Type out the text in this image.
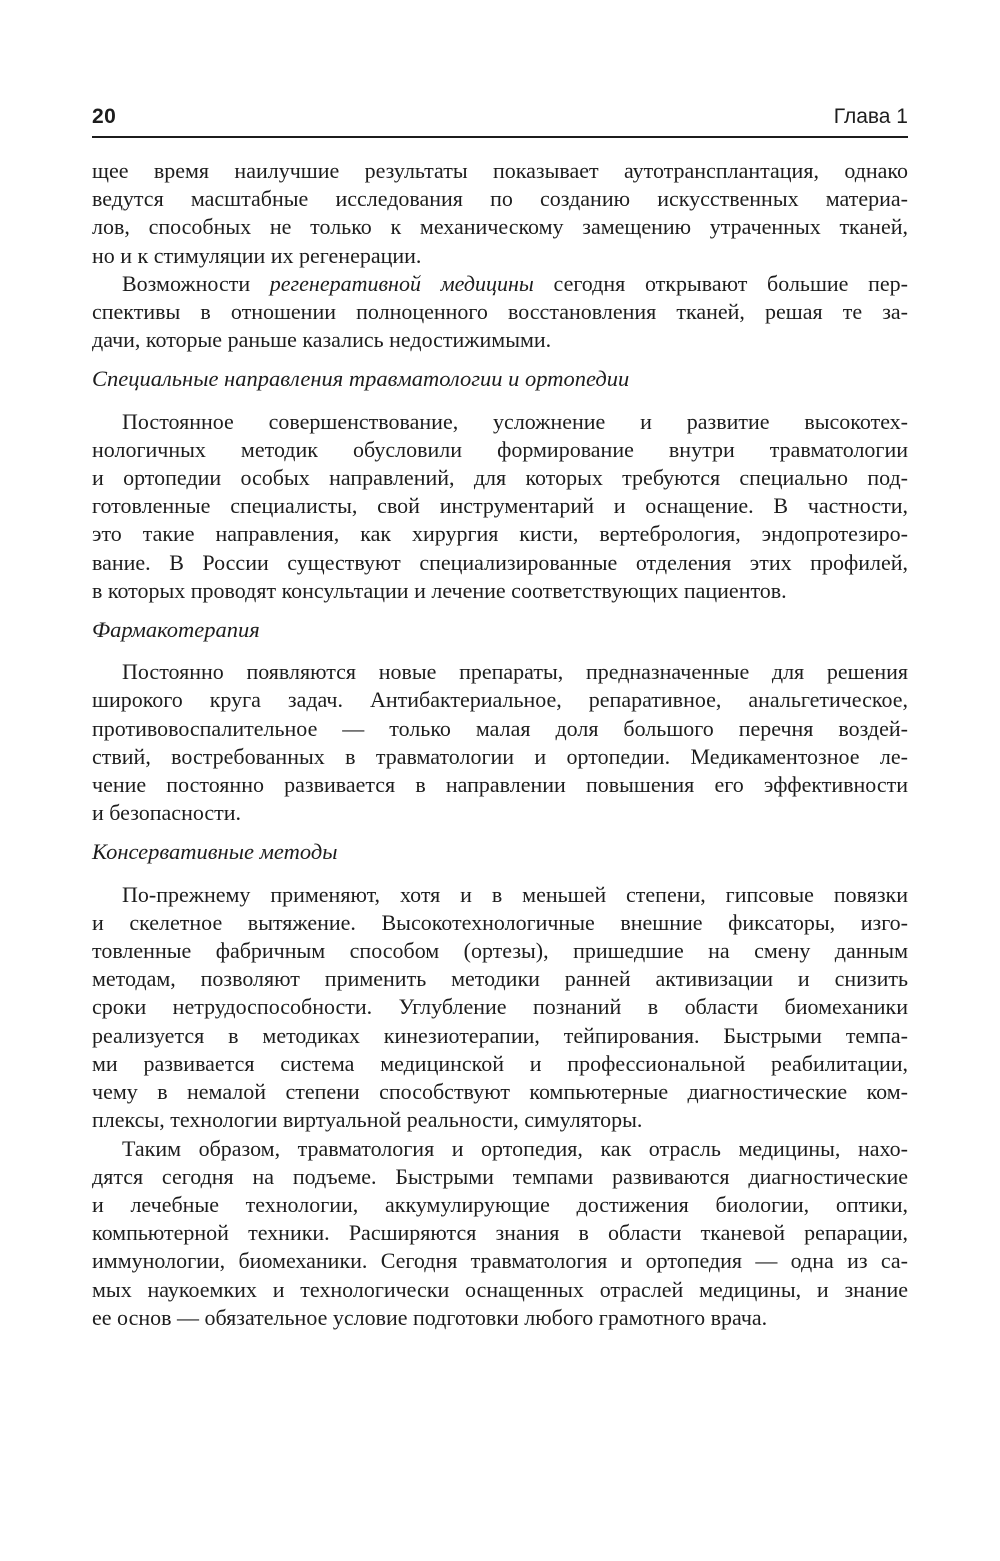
20	Глава 1
щее время наилучшие результаты показывает аутотрансплантация, однако
ведутся масштабные исследования по созданию искусственных материа-
лов, способных не только к механическому замещению утраченных тканей,
но и к стимуляции их регенерации.
Возможности регенеративной медицины сегодня открывают большие пер-
спективы в отношении полноценного восстановления тканей, решая те за-
дачи, которые раньше казались недостижимыми.
Специальные направления травматологии и ортопедии
Постоянное совершенствование, усложнение и развитие высокотех-
нологичных методик обусловили формирование внутри травматологии
и ортопедии особых направлений, для которых требуются специально под-
готовленные специалисты, свой инструментарий и оснащение. В частности,
это такие направления, как хирургия кисти, вертебрология, эндопротезиро-
вание. В России существуют специализированные отделения этих профилей,
в которых проводят консультации и лечение соответствующих пациентов.
Фармакотерапия
Постоянно появляются новые препараты, предназначенные для решения
широкого круга задач. Антибактериальное, репаративное, анальгетическое,
противовоспалительное — только малая доля большого перечня воздей-
ствий, востребованных в травматологии и ортопедии. Медикаментозное ле-
чение постоянно развивается в направлении повышения его эффективности
и безопасности.
Консервативные методы
По-прежнему применяют, хотя и в меньшей степени, гипсовые повязки
и скелетное вытяжение. Высокотехнологичные внешние фиксаторы, изго-
товленные фабричным способом (ортезы), пришедшие на смену данным
методам, позволяют применить методики ранней активизации и снизить
сроки нетрудоспособности. Углубление познаний в области биомеханики
реализуется в методиках кинезиотерапии, тейпирования. Быстрыми темпа-
ми развивается система медицинской и профессиональной реабилитации,
чему в немалой степени способствуют компьютерные диагностические ком-
плексы, технологии виртуальной реальности, симуляторы.
Таким образом, травматология и ортопедия, как отрасль медицины, нахо-
дятся сегодня на подъеме. Быстрыми темпами развиваются диагностические
и лечебные технологии, аккумулирующие достижения биологии, оптики,
компьютерной техники. Расширяются знания в области тканевой репарации,
иммунологии, биомеханики. Сегодня травматология и ортопедия — одна из са-
мых наукоемких и технологически оснащенных отраслей медицины, и знание
ее основ — обязательное условие подготовки любого грамотного врача.
